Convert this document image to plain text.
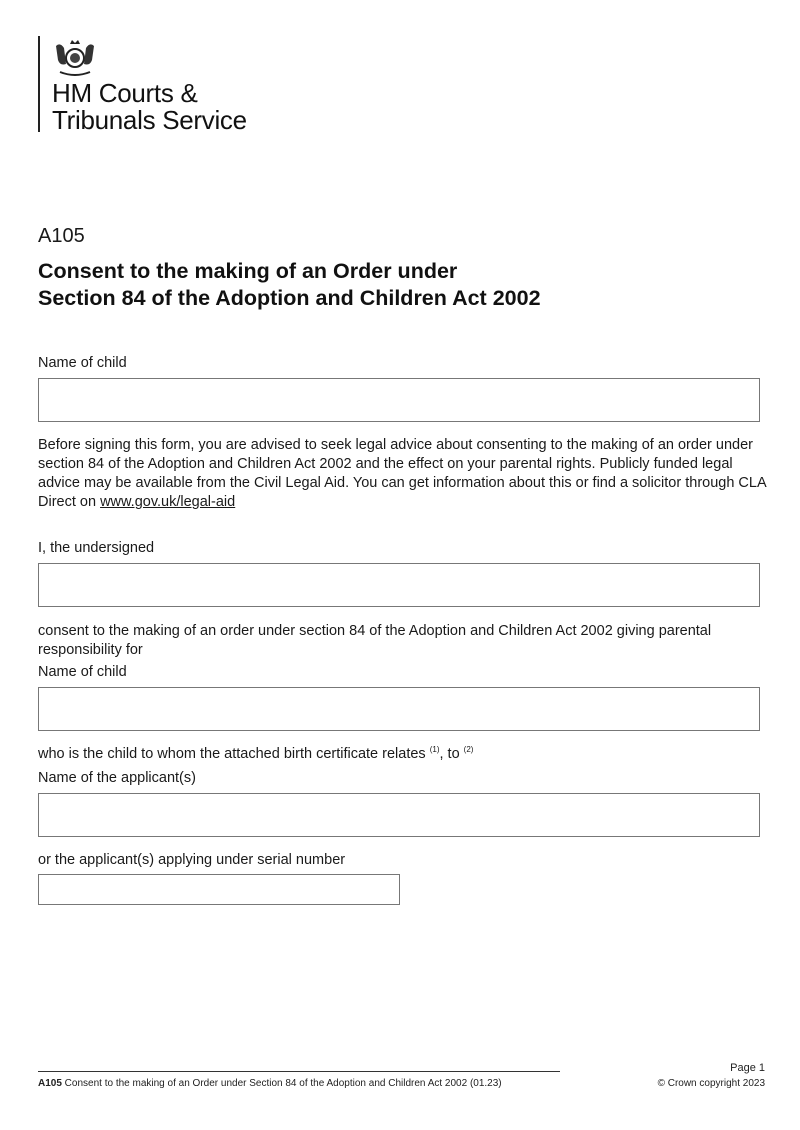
HM Courts &
Tribunals Service
A105
Consent to the making of an Order under
Section 84 of the Adoption and Children Act 2002
Name of child
Before signing this form, you are advised to seek legal advice about consenting to the making of an order under section 84 of the Adoption and Children Act 2002 and the effect on your parental rights. Publicly funded legal advice may be available from the Civil Legal Aid. You can get information about this or find a solicitor through CLA Direct on www.gov.uk/legal-aid
I, the undersigned
consent to the making of an order under section 84 of the Adoption and Children Act 2002 giving parental responsibility for
Name of child
who is the child to whom the attached birth certificate relates $^{(1)}$, to $^{(2)}$
Name of the applicant(s)
or the applicant(s) applying under serial number
A105 Consent to the making of an Order under Section 84 of the Adoption and Children Act 2002 (01.23)
Page 1
© Crown copyright 2023
